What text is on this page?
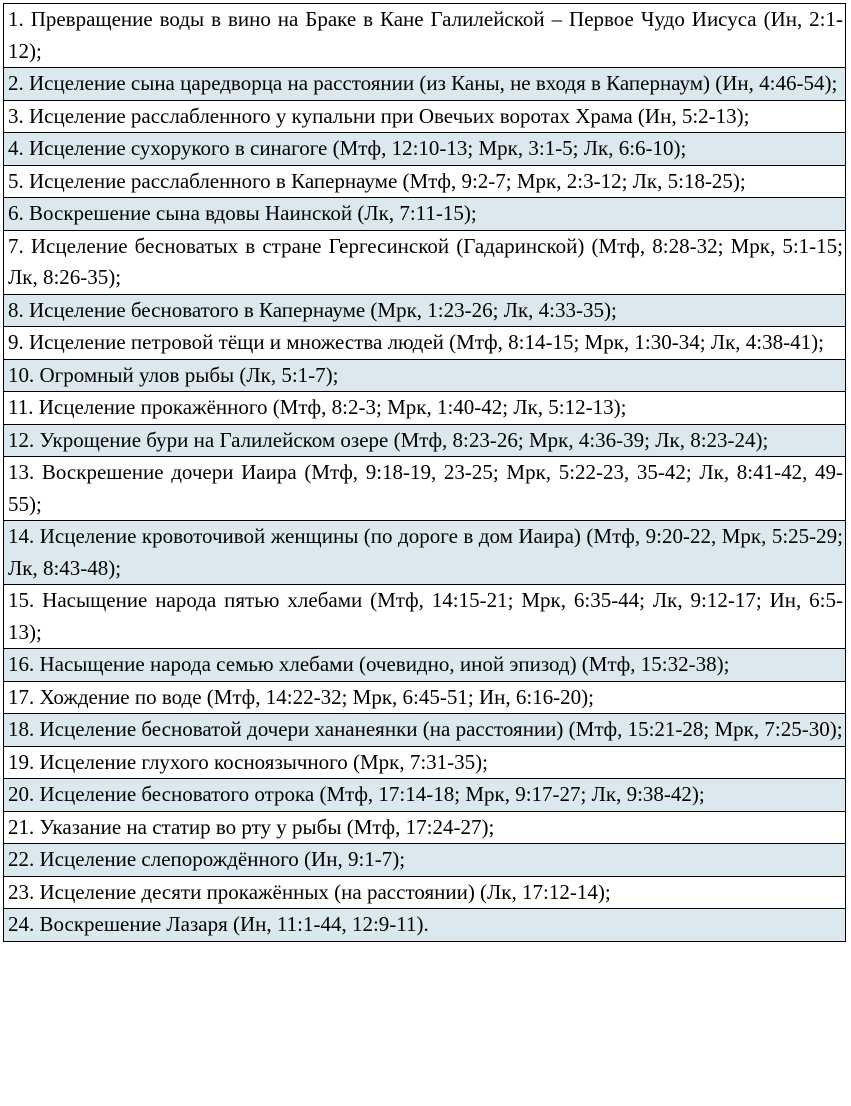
1. Превращение воды в вино на Браке в Кане Галилейской – Первое Чудо Иисуса (Ин, 2:1-12);
2. Исцеление сына царедворца на расстоянии (из Каны, не входя в Капернаум) (Ин, 4:46-54);
3. Исцеление расслабленного у купальни при Овечьих воротах Храма (Ин, 5:2-13);
4. Исцеление сухорукого в синагоге (Мтф, 12:10-13; Мрк, 3:1-5; Лк, 6:6-10);
5. Исцеление расслабленного в Капернауме (Мтф, 9:2-7; Мрк, 2:3-12; Лк, 5:18-25);
6. Воскрешение сына вдовы Наинской (Лк, 7:11-15);
7. Исцеление бесноватых в стране Гергесинской (Гадаринской) (Мтф, 8:28-32; Мрк, 5:1-15; Лк, 8:26-35);
8. Исцеление бесноватого в Капернауме (Мрк, 1:23-26; Лк, 4:33-35);
9. Исцеление петровой тёщи и множества людей (Мтф, 8:14-15; Мрк, 1:30-34; Лк, 4:38-41);
10. Огромный улов рыбы (Лк, 5:1-7);
11. Исцеление прокажённого (Мтф, 8:2-3; Мрк, 1:40-42; Лк, 5:12-13);
12. Укрощение бури на Галилейском озере (Мтф, 8:23-26; Мрк, 4:36-39; Лк, 8:23-24);
13. Воскрешение дочери Иаира (Мтф, 9:18-19, 23-25; Мрк, 5:22-23, 35-42; Лк, 8:41-42, 49-55);
14. Исцеление кровоточивой женщины (по дороге в дом Иаира) (Мтф, 9:20-22, Мрк, 5:25-29; Лк, 8:43-48);
15. Насыщение народа пятью хлебами (Мтф, 14:15-21; Мрк, 6:35-44; Лк, 9:12-17; Ин, 6:5-13);
16. Насыщение народа семью хлебами (очевидно, иной эпизод) (Мтф, 15:32-38);
17. Хождение по воде (Мтф, 14:22-32; Мрк, 6:45-51; Ин, 6:16-20);
18. Исцеление бесноватой дочери хананеянки (на расстоянии) (Мтф, 15:21-28; Мрк, 7:25-30);
19. Исцеление глухого косноязычного (Мрк, 7:31-35);
20. Исцеление бесноватого отрока (Мтф, 17:14-18; Мрк, 9:17-27; Лк, 9:38-42);
21. Указание на статир во рту у рыбы (Мтф, 17:24-27);
22. Исцеление слепорождённого (Ин, 9:1-7);
23. Исцеление десяти прокажённых (на расстоянии) (Лк, 17:12-14);
24. Воскрешение Лазаря (Ин, 11:1-44, 12:9-11).
